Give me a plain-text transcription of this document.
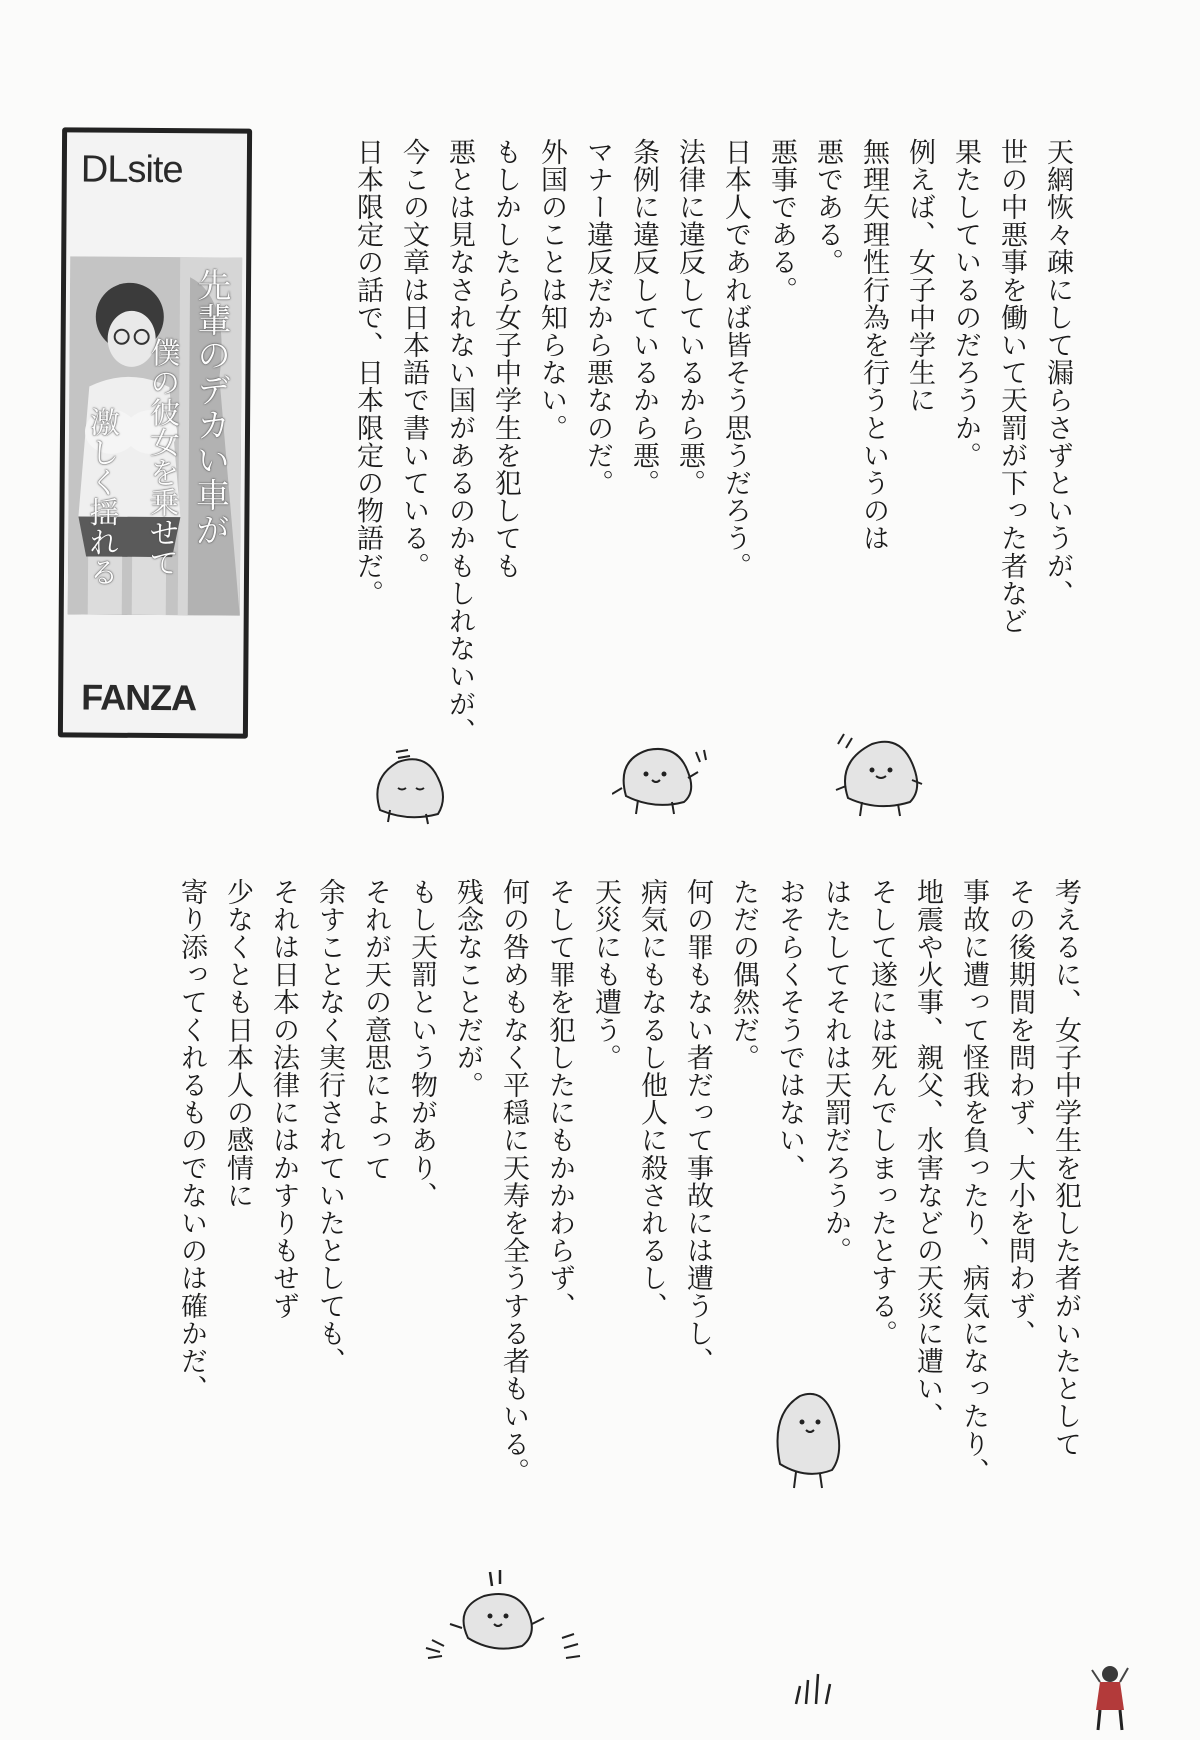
天網恢々疎にして漏らさずというが、
世の中悪事を働いて天罰が下った者など
果たしているのだろうか。
例えば、女子中学生に
無理矢理性行為を行うというのは
悪である。
悪事である。
日本人であれば皆そう思うだろう。
法律に違反しているから悪。
条例に違反しているから悪。
マナー違反だから悪なのだ。
外国のことは知らない。
もしかしたら女子中学生を犯しても
悪とは見なされない国があるのかもしれないが、
今この文章は日本語で書いている。
日本限定の話で、日本限定の物語だ。
考えるに、女子中学生を犯した者がいたとして
その後期間を問わず、大小を問わず、
事故に遭って怪我を負ったり、病気になったり、
地震や火事、親父、水害などの天災に遭い、
そして遂には死んでしまったとする。
はたしてそれは天罰だろうか。
おそらくそうではない、
ただの偶然だ。
何の罪もない者だって事故には遭うし、
病気にもなるし他人に殺されるし、
天災にも遭う。
そして罪を犯したにもかかわらず、
何の咎めもなく平穏に天寿を全うする者もいる。
残念なことだが。
もし天罰という物があり、
それが天の意思によって
余すことなく実行されていたとしても、
それは日本の法律にはかすりもせず
少なくとも日本人の感情に
寄り添ってくれるものでないのは確かだ、
DLsite
先輩のデカい車が
僕の彼女を乗せて
激しく揺れる
FANZA
